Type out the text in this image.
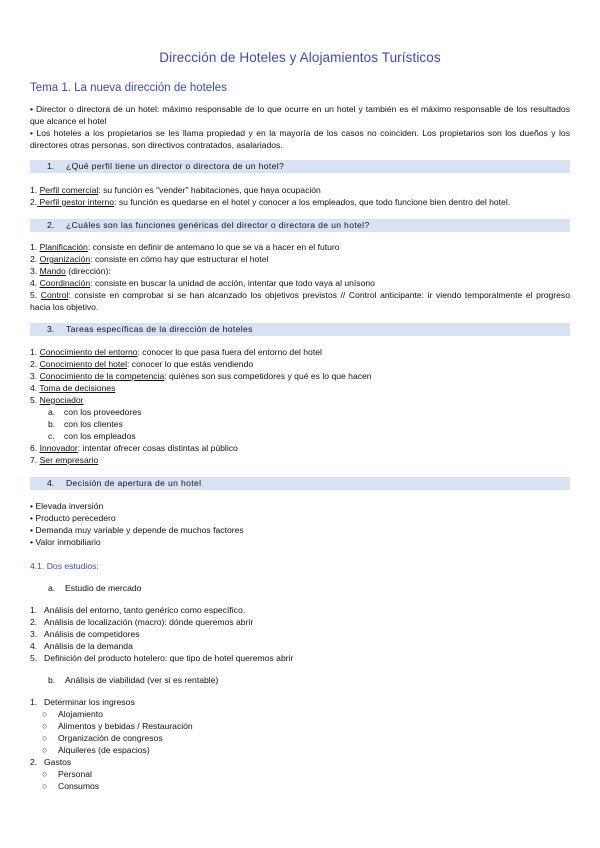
Dirección de Hoteles y Alojamientos Turísticos
Tema 1. La nueva dirección de hoteles
• Director o directora de un hotel: máximo responsable de lo que ocurre en un hotel y también es el máximo responsable de los resultados que alcance el hotel
• Los hoteles a los propietarios se les llama propiedad y en la mayoría de los casos no coinciden. Los propietarios son los dueños y los directores otras personas, son directivos contratados, asalariados.
1. ¿Qué perfil tiene un director o directora de un hotel?
1. Perfil comercial: su función es "vender" habitaciones, que haya ocupación
2. Perfil gestor interno: su función es quedarse en el hotel y conocer a los empleados, que todo funcione bien dentro del hotel.
2. ¿Cuáles son las funciones genéricas del director o directora de un hotel?
1. Planificación: consiste en definir de antemano lo que se va a hacer en el futuro
2. Organización: consiste en cómo hay que estructurar el hotel
3. Mando (dirección):
4. Coordinación: consiste en buscar la unidad de acción, intentar que todo vaya al unísono
5. Control: consiste en comprobar si se han alcanzado los objetivos previstos // Control anticipante: ir viendo temporalmente el progreso hacia los objetivo.
3. Tareas específicas de la dirección de hoteles
1. Conocimiento del entorno: conocer lo que pasa fuera del entorno del hotel
2. Conocimiento del hotel: conocer lo que estás vendiendo
3. Conocimiento de la competencia: quiénes son sus competidores y qué es lo que hacen
4. Toma de decisiones
5. Negociador
a. con los proveedores
b. con los clientes
c. con los empleados
6. Innovador: intentar ofrecer cosas distintas al público
7. Ser empresario
4. Decisión de apertura de un hotel
• Elevada inversión
• Producto perecedero
• Demanda muy variable y depende de muchos factores
• Valor inmobiliario
4.1. Dos estudios:
a. Estudio de mercado
1. Análisis del entorno, tanto genérico como específico.
2. Análisis de localización (macro): dónde queremos abrir
3. Análisis de competidores
4. Análisis de la demanda
5. Definición del producto hotelero: que tipo de hotel queremos abrir
b. Análisis de viabilidad (ver si es rentable)
1. Determinar los ingresos
○ Alojamiento
○ Alimentos y bebidas / Restauración
○ Organización de congresos
○ Alquileres (de espacios)
2. Gastos
○ Personal
○ Consumos
